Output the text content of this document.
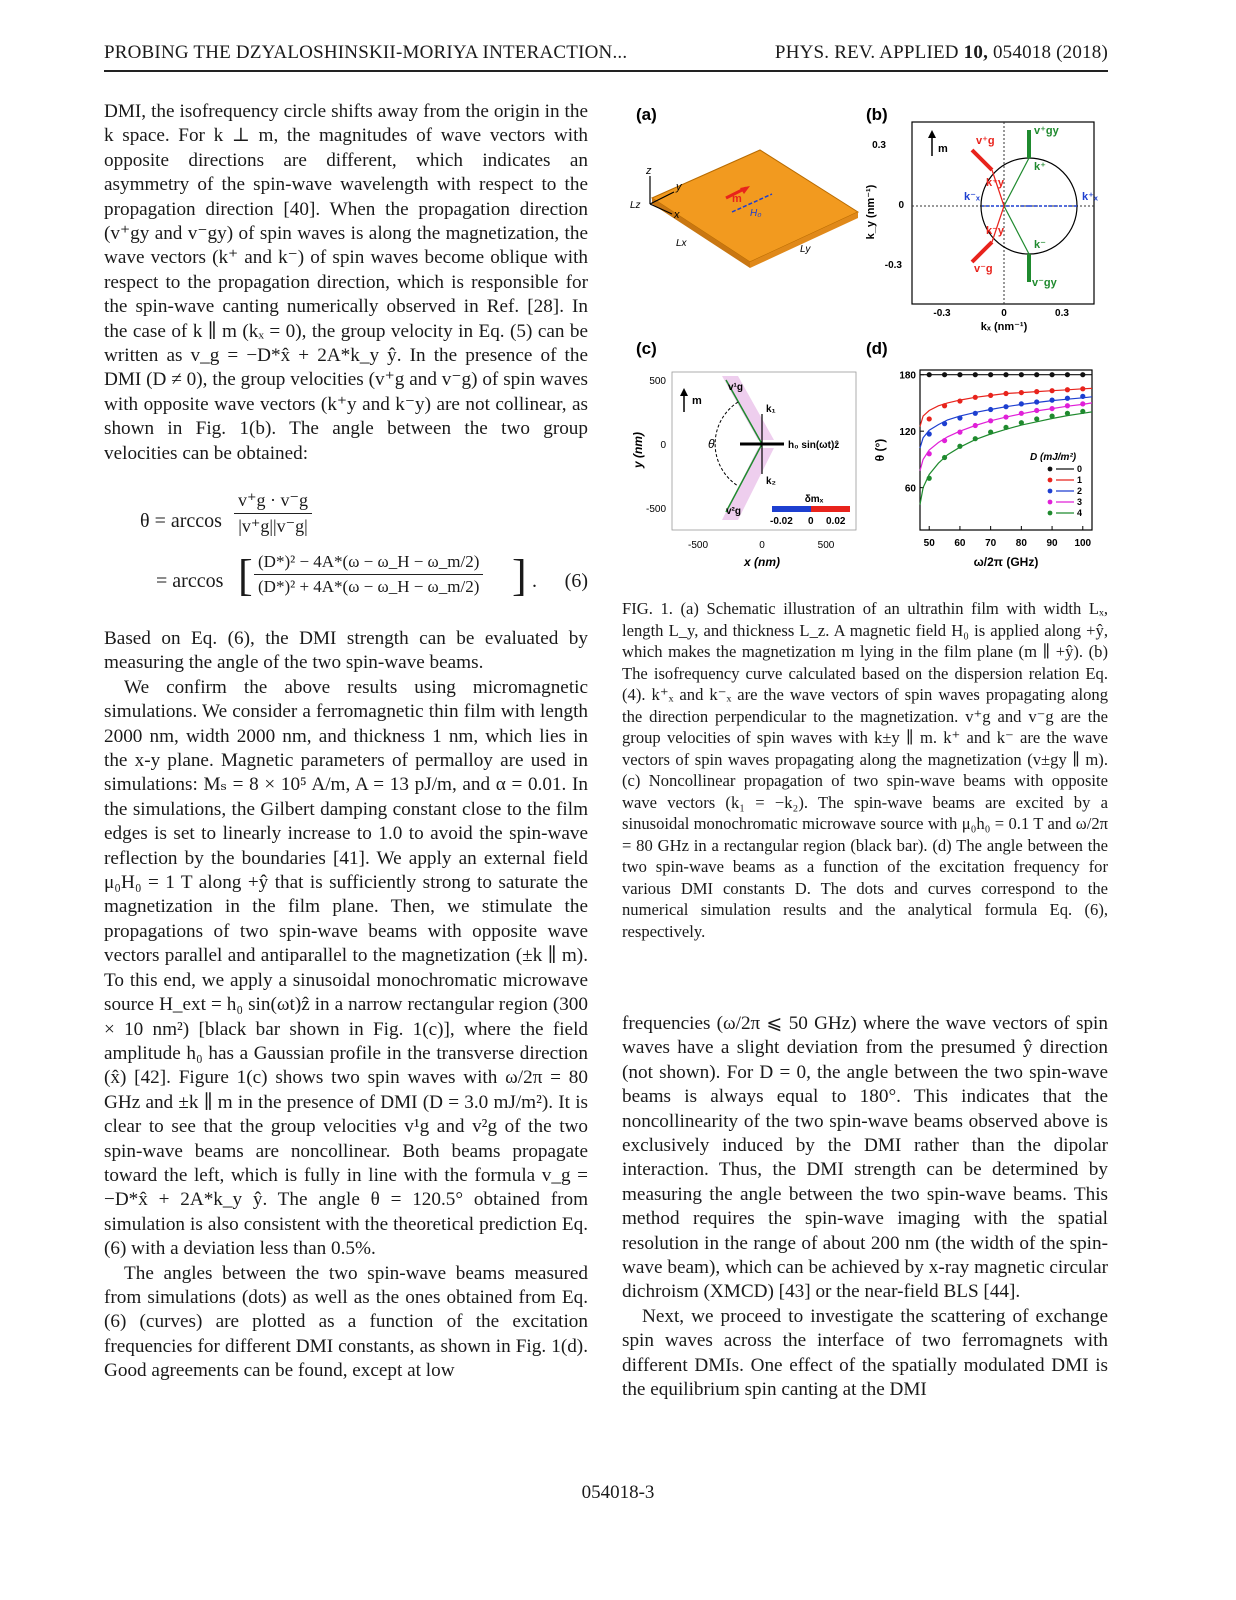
PROBING THE DZYALOSHINSKII-MORIYA INTERACTION...	PHYS. REV. APPLIED 10, 054018 (2018)

DMI, the isofrequency circle shifts away from the origin in the k space. For k ⊥ m, the magnitudes of wave vectors with opposite directions are different, which indicates an asymmetry of the spin-wave wavelength with respect to the propagation direction [40]. When the propagation direction (v⁺gy and v⁻gy) of spin waves is along the magnetization, the wave vectors (k⁺ and k⁻) of spin waves become oblique with respect to the propagation direction, which is responsible for the spin-wave canting numerically observed in Ref. [28]. In the case of k ∥ m (kₓ = 0), the group velocity in Eq. (5) can be written as v_g = −D*x̂ + 2A*k_y ŷ. In the presence of the DMI (D ≠ 0), the group velocities (v⁺g and v⁻g) of spin waves with opposite wave vectors (k⁺y and k⁻y) are not collinear, as shown in Fig. 1(b). The angle between the two group velocities can be obtained:

$\theta = \arccos \frac{v^+g \cdot v^-g}{|v^+g||v^-g|}$
= arccos [ $\frac{\text{(D*)² − 4A*(ω − ω\_H − ω\_m/2)}}{\text{(D*)² + 4A*(ω − ω\_H − ω\_m/2)}}$ ] . (6)

Based on Eq. (6), the DMI strength can be evaluated by measuring the angle of the two spin-wave beams.

We confirm the above results using micromagnetic simulations. We consider a ferromagnetic thin film with length 2000 nm, width 2000 nm, and thickness 1 nm, which lies in the x-y plane. Magnetic parameters of permalloy are used in simulations: Mₛ = 8 × 10⁵ A/m, A = 13 pJ/m, and α = 0.01. In the simulations, the Gilbert damping constant close to the film edges is set to linearly increase to 1.0 to avoid the spin-wave reflection by the boundaries [41]. We apply an external field μ₀H₀ = 1 T along +ŷ that is sufficiently strong to saturate the magnetization in the film plane. Then, we stimulate the propagations of two spin-wave beams with opposite wave vectors parallel and antiparallel to the magnetization (±k ∥ m). To this end, we apply a sinusoidal monochromatic microwave source H_ext = h₀ sin(ωt)ẑ in a narrow rectangular region (300 × 10 nm²) [black bar shown in Fig. 1(c)], where the field amplitude h₀ has a Gaussian profile in the transverse direction (x̂) [42]. Figure 1(c) shows two spin waves with ω/2π = 80 GHz and ±k ∥ m in the presence of DMI (D = 3.0 mJ/m²). It is clear to see that the group velocities v¹g and v²g of the two spin-wave beams are noncollinear. Both beams propagate toward the left, which is fully in line with the formula v_g = −D*x̂ + 2A*k_y ŷ. The angle θ = 120.5° obtained from simulation is also consistent with the theoretical prediction Eq. (6) with a deviation less than 0.5%.

The angles between the two spin-wave beams measured from simulations (dots) as well as the ones obtained from Eq. (6) (curves) are plotted as a function of the excitation frequencies for different DMI constants, as shown in Fig. 1(d). Good agreements can be found, except at low

(a)
z
y
x
Lz
Lx
Ly
m
H₀
(b)
0.3
0
-0.3
-0.3	0	0.3
kₓ (nm⁻¹)
k_y (nm⁻¹)
m
v⁺g
v⁺gy
k⁺
k⁻ₓ	k⁺ₓ
k⁺y
k⁻y
k⁻
v⁻g
v⁻gy
(c)
m
θ
v¹g
v²g
k₁
k₂
h₀ sin(ωt)ẑ
δmₓ
-0.02 0 0.02
500
0
-500
-500	0	500
x (nm)
y (nm)
(d)
50 60 70 80 90 100
60
120
180
0
1
2
3
4
ω/2π (GHz)
θ (°)	D (mJ/m²)
FIG. 1. (a) Schematic illustration of an ultrathin film with width Lₓ, length L_y, and thickness L_z. A magnetic field H₀ is applied along +ŷ, which makes the magnetization m lying in the film plane (m ∥ +ŷ). (b) The isofrequency curve calculated based on the dispersion relation Eq. (4). k⁺ₓ and k⁻ₓ are the wave vectors of spin waves propagating along the direction perpendicular to the magnetization. v⁺g and v⁻g are the group velocities of spin waves with k±y ∥ m. k⁺ and k⁻ are the wave vectors of spin waves propagating along the magnetization (v±gy ∥ m). (c) Noncollinear propagation of two spin-wave beams with opposite wave vectors (k₁ = −k₂). The spin-wave beams are excited by a sinusoidal monochromatic microwave source with μ₀h₀ = 0.1 T and ω/2π = 80 GHz in a rectangular region (black bar). (d) The angle between the two spin-wave beams as a function of the excitation frequency for various DMI constants D. The dots and curves correspond to the numerical simulation results and the analytical formula Eq. (6), respectively.

frequencies (ω/2π ⩽ 50 GHz) where the wave vectors of spin waves have a slight deviation from the presumed ŷ direction (not shown). For D = 0, the angle between the two spin-wave beams is always equal to 180°. This indicates that the noncollinearity of the two spin-wave beams observed above is exclusively induced by the DMI rather than the dipolar interaction. Thus, the DMI strength can be determined by measuring the angle between the two spin-wave beams. This method requires the spin-wave imaging with the spatial resolution in the range of about 200 nm (the width of the spin-wave beam), which can be achieved by x-ray magnetic circular dichroism (XMCD) [43] or the near-field BLS [44].

Next, we proceed to investigate the scattering of exchange spin waves across the interface of two ferromagnets with different DMIs. One effect of the spatially modulated DMI is the equilibrium spin canting at the DMI

054018-3
